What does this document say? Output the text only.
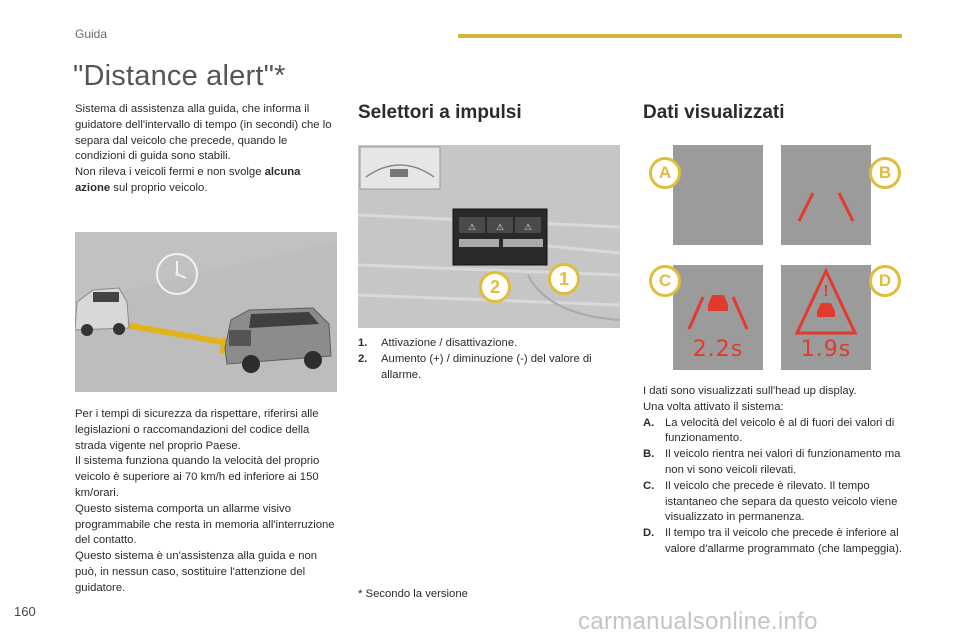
Guida
"Distance alert"*
Sistema di assistenza alla guida, che informa il guidatore dell'intervallo di tempo (in secondi) che lo separa dal veicolo che precede, quando le condizioni di guida sono stabili.
Non rileva i veicoli fermi e non svolge alcuna azione sul proprio veicolo.
Per i tempi di sicurezza da rispettare, riferirsi alle legislazioni o raccomandazioni del codice della strada vigente nel proprio Paese.
Il sistema funziona quando la velocità del proprio veicolo è superiore ai 70 km/h ed inferiore ai 150 km/orari.
Questo sistema comporta un allarme visivo programmabile che resta in memoria all'interruzione del contatto.
Questo sistema è un'assistenza alla guida e non può, in nessun caso, sostituire l'attenzione del guidatore.
Selettori a impulsi
⚠ ⚠ ⚠
1
2
1.	Attivazione / disattivazione.
2.	Aumento (+) / diminuzione (-) del valore di allarme.
* Secondo la versione
Dati visualizzati
A	B
2.2s
C
!
1.9s
D
I dati sono visualizzati sull'head up display.
Una volta attivato il sistema:
A. La velocità del veicolo è al di fuori dei valori di funzionamento.
B. Il veicolo rientra nei valori di funzionamento ma non vi sono veicoli rilevati.
C. Il veicolo che precede è rilevato. Il tempo istantaneo che separa da questo veicolo viene visualizzato in permanenza.
D. Il tempo tra il veicolo che precede è inferiore al valore d'allarme programmato (che lampeggia).
160	carmanualsonline.info
